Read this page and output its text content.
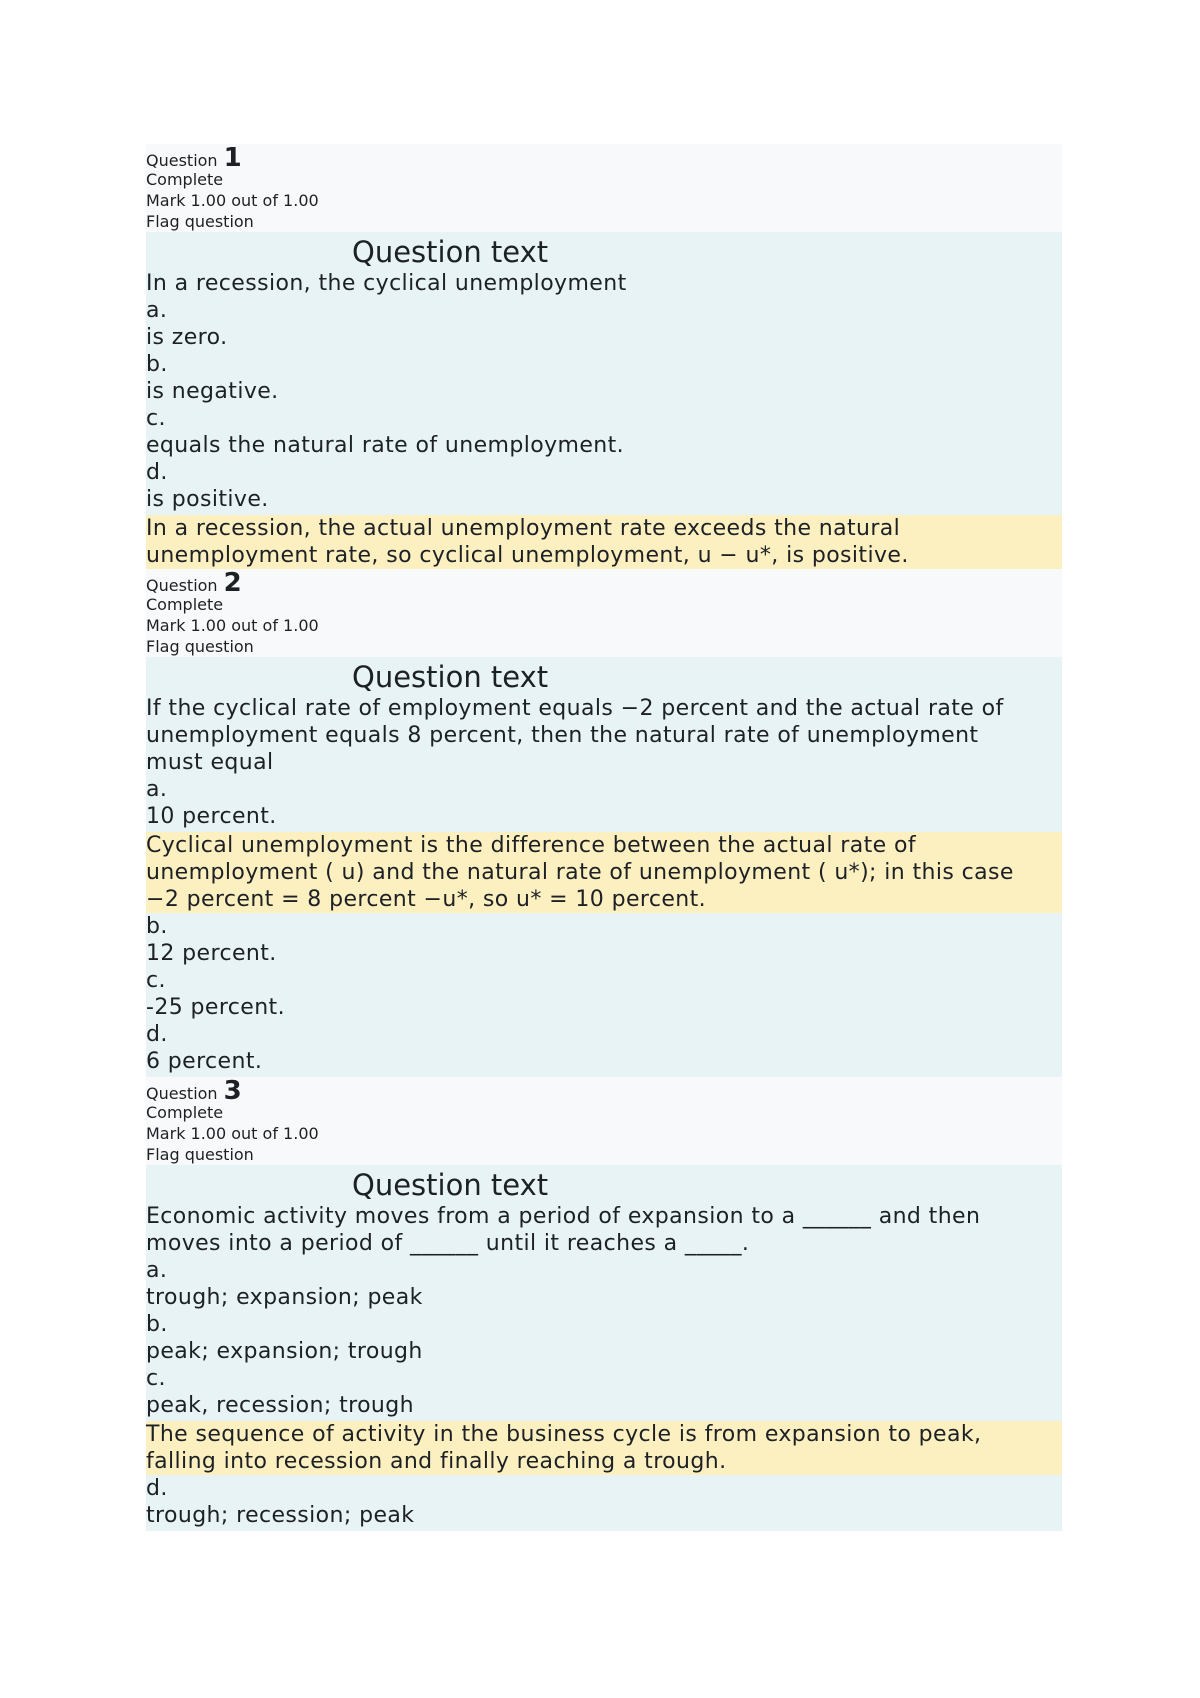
Question 1
Complete
Mark 1.00 out of 1.00
Flag question
Question text
In a recession, the cyclical unemployment
a.
is zero.
b.
is negative.
c.
equals the natural rate of unemployment.
d.
is positive.
In a recession, the actual unemployment rate exceeds the natural
unemployment rate, so cyclical unemployment, u − u*, is positive.
Question 2
Complete
Mark 1.00 out of 1.00
Flag question
Question text
If the cyclical rate of employment equals −2 percent and the actual rate of
unemployment equals 8 percent, then the natural rate of unemployment
must equal
a.
10 percent.
Cyclical unemployment is the difference between the actual rate of
unemployment ( u) and the natural rate of unemployment ( u*); in this case
−2 percent = 8 percent −u*, so u* = 10 percent.
b.
12 percent.
c.
-25 percent.
d.
6 percent.
Question 3
Complete
Mark 1.00 out of 1.00
Flag question
Question text
Economic activity moves from a period of expansion to a ______ and then
moves into a period of ______ until it reaches a _____.
a.
trough; expansion; peak
b.
peak; expansion; trough
c.
peak, recession; trough
The sequence of activity in the business cycle is from expansion to peak,
falling into recession and finally reaching a trough.
d.
trough; recession; peak
